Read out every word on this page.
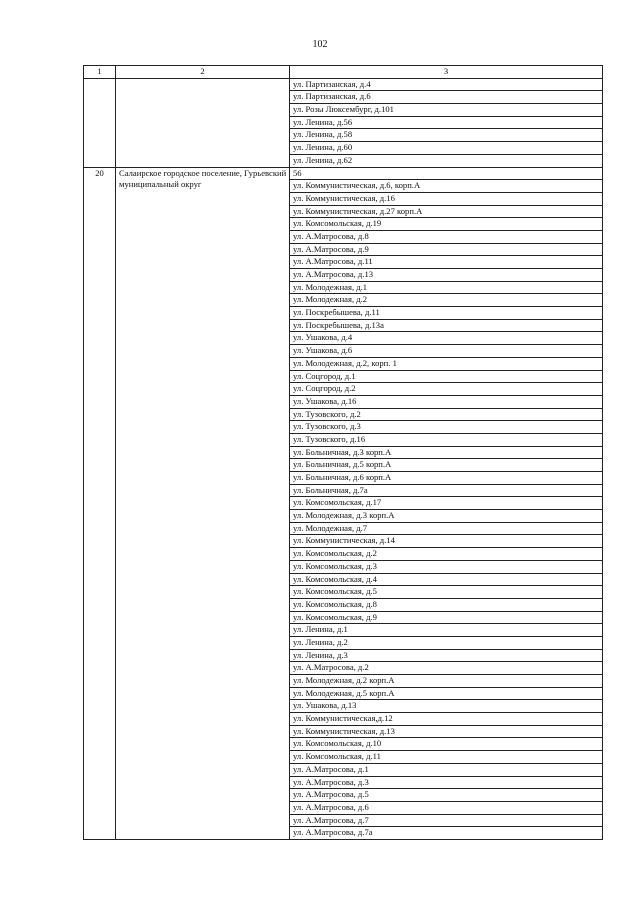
102
1	2	3
		ул. Партизанская, д.4
		ул. Партизанская, д.6
		ул. Розы Люксембург, д.101
		ул. Ленина, д.56
		ул. Ленина, д.58
		ул. Ленина, д.60
		ул. Ленина, д.62
20	Салаирское городское поселение, Гурьевский муниципальный округ	56
		ул. Коммунистическая, д.6, корп.А
		ул. Коммунистическая, д.16
		ул. Коммунистическая, д.27 корп.А
		ул. Комсомольская, д.19
		ул. А.Матросова, д.8
		ул. А.Матросова, д.9
		ул. А.Матросова, д.11
		ул. А.Матросова, д.13
		ул. Молодежная, д.1
		ул. Молодежная, д.2
		ул. Поскребышева, д.11
		ул. Поскребышева, д.13а
		ул. Ушакова, д.4
		ул. Ушакова, д.6
		ул. Молодежная, д.2, корп. 1
		ул. Соцгород, д.1
		ул. Соцгород, д.2
		ул. Ушакова, д.16
		ул. Тузовского, д.2
		ул. Тузовского, д.3
		ул. Тузовского, д.16
		ул. Больничная, д.3 корп.А
		ул. Больничная, д.5 корп.А
		ул. Больничная, д.6 корп.А
		ул. Больничная, д.7а
		ул. Комсомольская, д.17
		ул. Молодежная, д.3 корп.А
		ул. Молодежная, д.7
		ул. Коммунистическая, д.14
		ул. Комсомольская, д.2
		ул. Комсомольская, д.3
		ул. Комсомольская, д.4
		ул. Комсомольская, д.5
		ул. Комсомольская, д.8
		ул. Комсомольская, д.9
		ул. Ленина, д.1
		ул. Ленина, д.2
		ул. Ленина, д.3
		ул. А.Матросова, д.2
		ул. Молодежная, д.2 корп.А
		ул. Молодежная, д.5 корп.А
		ул. Ушакова, д.13
		ул. Коммунистическая,д.12
		ул. Коммунистическая, д.13
		ул. Комсомольская, д.10
		ул. Комсомольская, д.11
		ул. А.Матросова, д.1
		ул. А.Матросова, д.3
		ул. А.Матросова, д.5
		ул. А.Матросова, д.6
		ул. А.Матросова, д.7
		ул. А.Матросова, д.7а
